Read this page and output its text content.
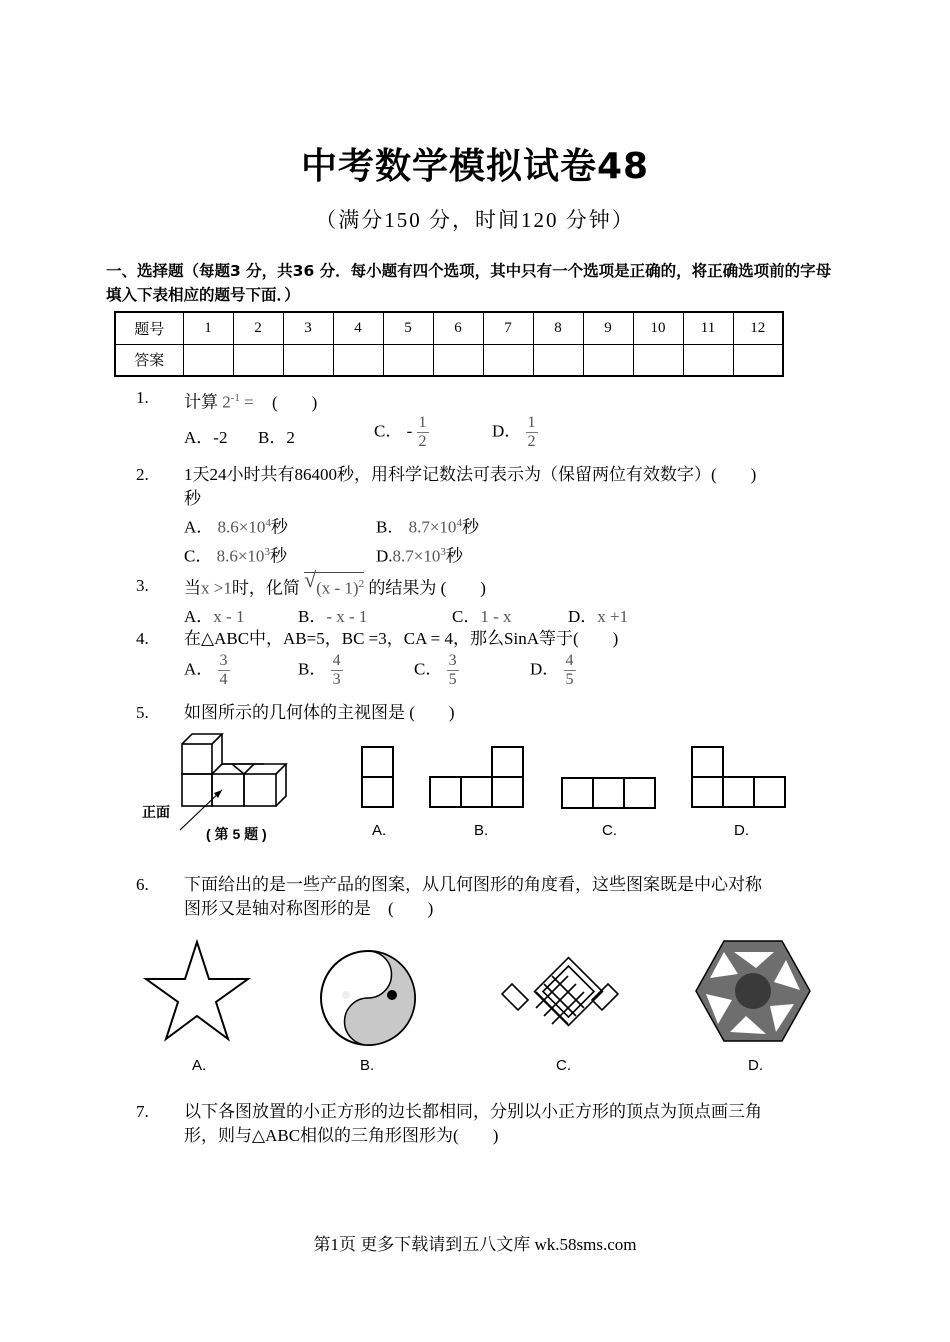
中考数学模拟试卷48
（满分150 分，时间120 分钟）
一、选择题（每题3 分，共36 分．每小题有四个选项，其中只有一个选项是正确的，将正确选项前的字母填入下表相应的题号下面．）
题号	1	2	3	4	5	6	7	8	9	10	11	12
答案												
1. 计算 $2^{-1}$ = (　　)
A．-2 B．2	C． - $\frac{1}{2}$	D． $\frac{1}{2}$
2. 1天24小时共有86400秒，用科学记数法可表示为（保留两位有效数字）(　　)
秒
A． $8.6\times 10^4$秒	B． $8.7\times 10^4$秒
C． $8.6\times 10^3$秒	$D.8.7\times 10^3$秒
3. 当x >1时，化简 √ (x - 1)$^2$ 的结果为 (　　)
A．x - 1	B．- x - 1	C．1 - x	D．x +1
4. 在△ABC中，AB=5，BC =3，CA = 4，那么SinA等于(　　)
A． $\frac{3}{4}$	B． $\frac{4}{3}$	C． $\frac{3}{5}$	D． $\frac{4}{5}$
5. 如图所示的几何体的主视图是 (　　)
正面
( 第 5 题 )	A.	B.	C.	D.
6. 下面给出的是一些产品的图案，从几何图形的角度看，这些图案既是中心对称
图形又是轴对称图形的是　(　　)
A.	B.	C.	D.
7. 以下各图放置的小正方形的边长都相同，分别以小正方形的顶点为顶点画三角
形，则与△ABC相似的三角形图形为(　　)
第1页 更多下载请到五八文库 wk.58sms.com
